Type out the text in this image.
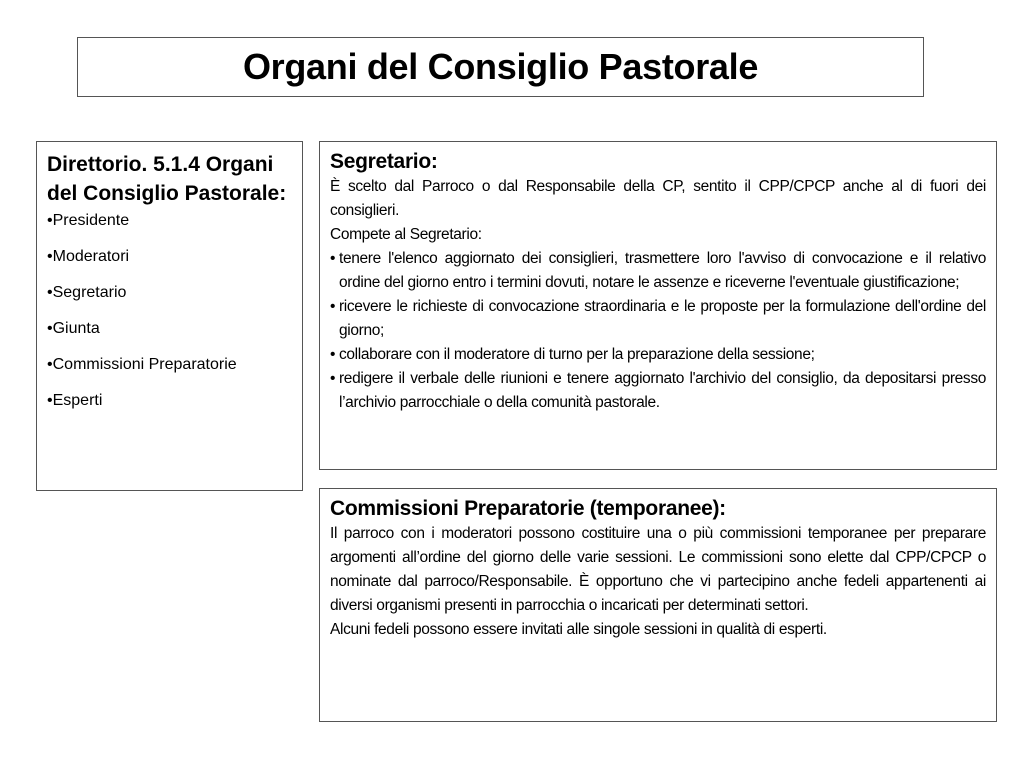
Organi del Consiglio Pastorale
Direttorio. 5.1.4 Organi del Consiglio Pastorale:
• Presidente
• Moderatori
• Segretario
• Giunta
• Commissioni Preparatorie
• Esperti

Segretario:

È scelto dal Parroco o dal Responsabile della CP, sentito il CPP/CPCP anche al di fuori dei consiglieri.

Compete al Segretario:

• tenere l'elenco aggiornato dei consiglieri, trasmettere loro l'avviso di convocazione e il relativo ordine del giorno entro i termini dovuti, notare le assenze e riceverne l'eventuale giustificazione;
• ricevere le richieste di convocazione straordinaria e le proposte per la formulazione dell'ordine del giorno;
• collaborare con il moderatore di turno per la preparazione della sessione;
• redigere il verbale delle riunioni e tenere aggiornato l'archivio del consiglio, da depositarsi presso l’archivio parrocchiale o della comunità pastorale.

Commissioni Preparatorie (temporanee):

Il parroco con i moderatori possono costituire una o più commissioni temporanee per preparare argomenti all’ordine del giorno delle varie sessioni. Le commissioni sono elette dal CPP/CPCP o nominate dal parroco/Responsabile. È opportuno che vi partecipino anche fedeli appartenenti ai diversi organismi presenti in parrocchia o incaricati per determinati settori.

Alcuni fedeli possono essere invitati alle singole sessioni in qualità di esperti.
